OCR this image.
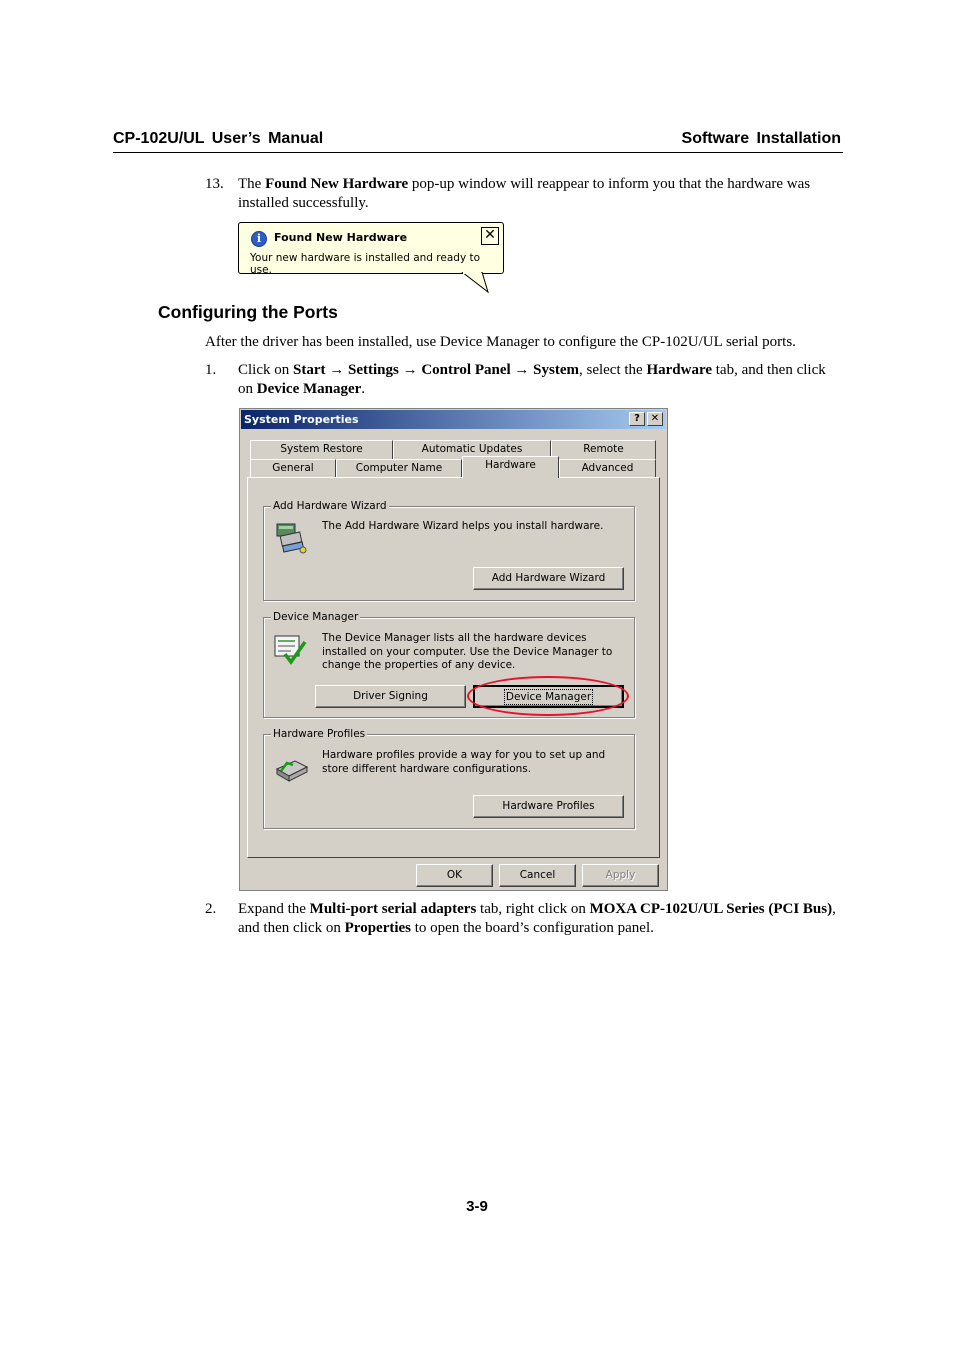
CP-102U/UL User’s Manual	Software Installation
13. The Found New Hardware pop-up window will reappear to inform you that the hardware was installed successfully.
i	Found New Hardware
Your new hardware is installed and ready to use.
✕
Configuring the Ports
After the driver has been installed, use Device Manager to configure the CP-102U/UL serial ports.
1. Click on Start → Settings → Control Panel → System, select the Hardware tab, and then click on Device Manager.
System Properties	?	✕
System Restore	Automatic Updates	Remote
General	Computer Name	Hardware	Advanced
Add Hardware Wizard
The Add Hardware Wizard helps you install hardware.
Add Hardware Wizard
Device Manager
The Device Manager lists all the hardware devices installed on your computer. Use the Device Manager to change the properties of any device.
Driver Signing	Device Manager
Hardware Profiles
Hardware profiles provide a way for you to set up and store different hardware configurations.
Hardware Profiles
OK	Cancel	Apply
2. Expand the Multi-port serial adapters tab, right click on MOXA CP-102U/UL Series (PCI Bus), and then click on Properties to open the board’s configuration panel.
3-9
